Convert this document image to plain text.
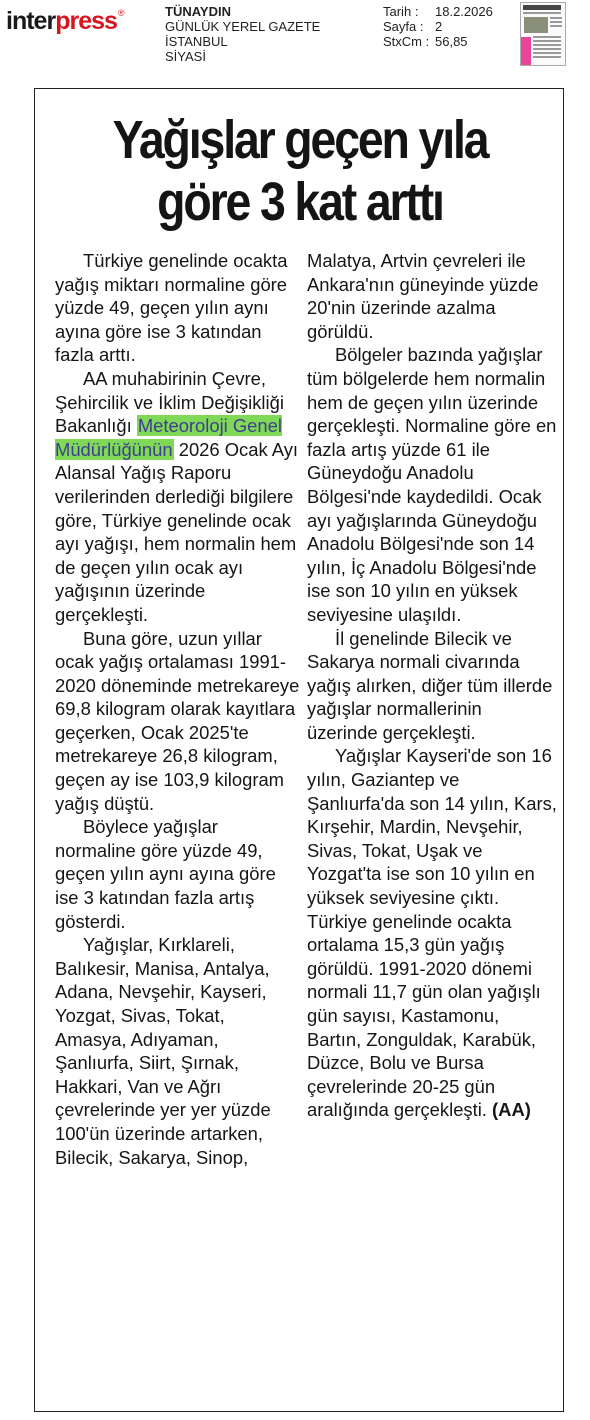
interpress ®	TÜNAYDIN
GÜNLÜK YEREL GAZETE
İSTANBUL
SİYASİ
Tarih :	18.2.2026
Sayfa : 2
StxCm : 56,85
Yağışlar geçen yıla
göre 3 kat arttı

Türkiye genelinde ocakta yağış miktarı normaline göre yüzde 49, geçen yılın aynı ayına göre ise 3 katından fazla arttı.

AA muhabirinin Çevre, Şehircilik ve İklim Değişikliği Bakanlığı Meteoroloji Genel Müdürlüğünün 2026 Ocak Ayı Alansal Yağış Raporu verilerinden derlediği bilgilere göre, Türkiye genelinde ocak ayı yağışı, hem normalin hem de geçen yılın ocak ayı yağışının üzerinde gerçekleşti.

Buna göre, uzun yıllar ocak yağış ortalaması 1991-2020 döneminde metrekareye 69,8 kilogram olarak kayıtlara geçerken, Ocak 2025'te metrekareye 26,8 kilogram, geçen ay ise 103,9 kilogram yağış düştü.

Böylece yağışlar normaline göre yüzde 49, geçen yılın aynı ayına göre ise 3 katından fazla artış gösterdi.

Yağışlar, Kırklareli, Balıkesir, Manisa, Antalya, Adana, Nevşehir, Kayseri, Yozgat, Sivas, Tokat, Amasya, Adıyaman, Şanlıurfa, Siirt, Şırnak, Hakkari, Van ve Ağrı çevrelerinde yer yer yüzde 100'ün üzerinde artarken, Bilecik, Sakarya, Sinop,

Malatya, Artvin çevreleri ile Ankara'nın güneyinde yüzde 20'nin üzerinde azalma görüldü.

Bölgeler bazında yağışlar tüm bölgelerde hem normalin hem de geçen yılın üzerinde gerçekleşti. Normaline göre en fazla artış yüzde 61 ile Güneydoğu Anadolu Bölgesi'nde kaydedildi. Ocak ayı yağışlarında Güneydoğu Anadolu Bölgesi'nde son 14 yılın, İç Anadolu Bölgesi'nde ise son 10 yılın en yüksek seviyesine ulaşıldı.

İl genelinde Bilecik ve Sakarya normali civarında yağış alırken, diğer tüm illerde yağışlar normallerinin üzerinde gerçekleşti.

Yağışlar Kayseri'de son 16 yılın, Gaziantep ve Şanlıurfa'da son 14 yılın, Kars, Kırşehir, Mardin, Nevşehir, Sivas, Tokat, Uşak ve Yozgat'ta ise son 10 yılın en yüksek seviyesine çıktı. Türkiye genelinde ocakta ortalama 15,3 gün yağış görüldü. 1991-2020 dönemi normali 11,7 gün olan yağışlı gün sayısı, Kastamonu, Bartın, Zonguldak, Karabük, Düzce, Bolu ve Bursa çevrelerinde 20-25 gün aralığında gerçekleşti. (AA)
